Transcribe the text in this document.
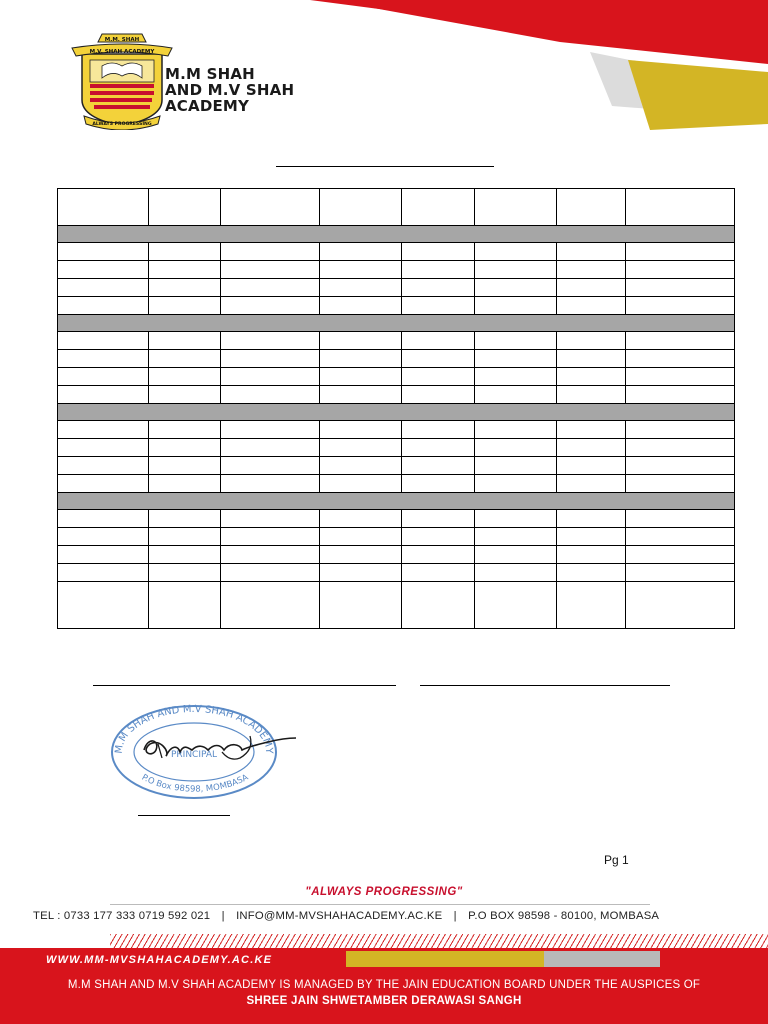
M.M. SHAH
M.V. SHAH ACADEMY
ALWAYS PROGRESSING
M.M SHAH
AND M.V SHAH
ACADEMY

M.M SHAH AND M.V SHAH ACADEMY
P.O Box 98598, MOMBASA
PRINCIPAL
Pg 1
"ALWAYS PROGRESSING"
TEL : 0733 177 333 0719 592 021 | INFO@MM-MVSHAHACADEMY.AC.KE | P.O BOX 98598 - 80100, MOMBASA
WWW.MM-MVSHAHACADEMY.AC.KE
M.M SHAH AND M.V SHAH ACADEMY IS MANAGED BY THE JAIN EDUCATION BOARD UNDER THE AUSPICES OF
SHREE JAIN SHWETAMBER DERAWASI SANGH
